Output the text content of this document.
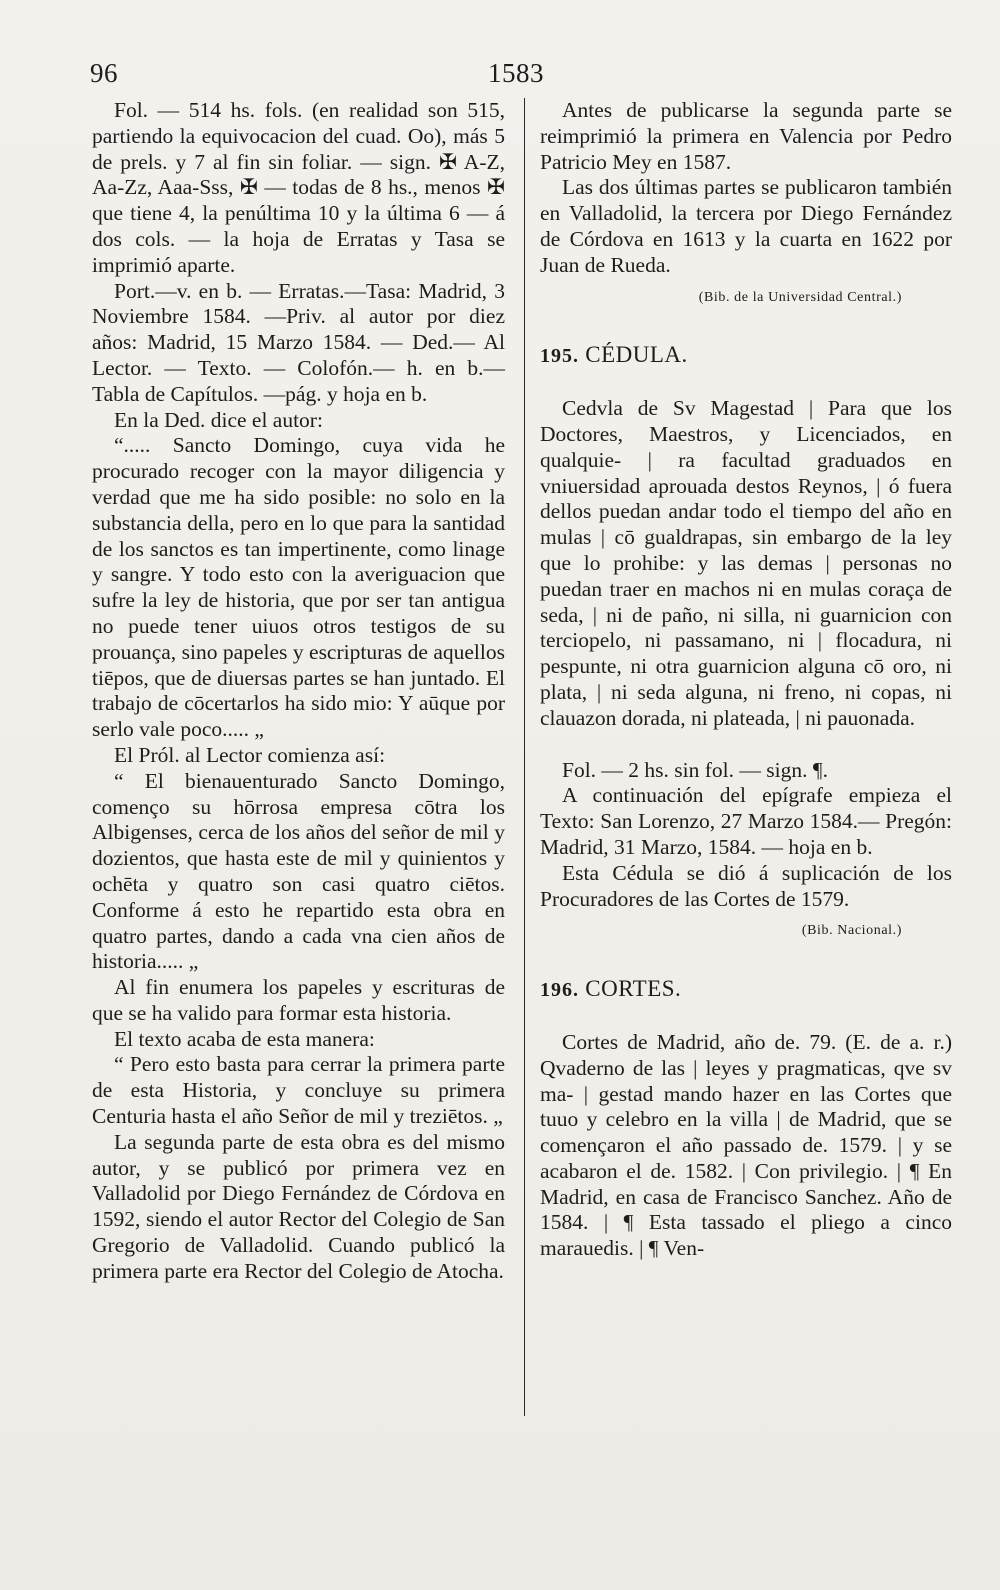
96	1583

Fol. — 514 hs. fols. (en realidad son 515, partiendo la equivocacion del cuad. Oo), más 5 de prels. y 7 al fin sin foliar. — sign. ✠ A-Z, Aa-Zz, Aaa-Sss, ✠ — todas de 8 hs., menos ✠ que tiene 4, la penúltima 10 y la última 6 — á dos cols. — la hoja de Erratas y Tasa se imprimió aparte.

Port.—v. en b. — Erratas.—Tasa: Madrid, 3 Noviembre 1584. —Priv. al autor por diez años: Madrid, 15 Marzo 1584. — Ded.— Al Lector. — Texto. — Colofón.— h. en b.— Tabla de Capítulos. —pág. y hoja en b.

En la Ded. dice el autor:

“..... Sancto Domingo, cuya vida he procurado recoger con la mayor diligencia y verdad que me ha sido posible: no solo en la substancia della, pero en lo que para la santidad de los sanctos es tan impertinente, como linage y sangre. Y todo esto con la averiguacion que sufre la ley de historia, que por ser tan antigua no puede tener uiuos otros testigos de su prouança, sino papeles y escripturas de aquellos tiēpos, que de diuersas partes se han juntado. El trabajo de cōcertarlos ha sido mio: Y aūque por serlo vale poco..... „

El Pról. al Lector comienza así:

“ El bienauenturado Sancto Domingo, començo su hōrrosa empresa cōtra los Albigenses, cerca de los años del señor de mil y dozientos, que hasta este de mil y quinientos y ochēta y quatro son casi quatro ciētos. Conforme á esto he repartido esta obra en quatro partes, dando a cada vna cien años de historia..... „

Al fin enumera los papeles y escrituras de que se ha valido para formar esta historia.

El texto acaba de esta manera:

“ Pero esto basta para cerrar la primera parte de esta Historia, y concluye su primera Centuria hasta el año Señor de mil y treziētos. „

La segunda parte de esta obra es del mismo autor, y se publicó por primera vez en Valladolid por Diego Fernández de Córdova en 1592, siendo el autor Rector del Colegio de San Gregorio de Valladolid. Cuando publicó la primera parte era Rector del Colegio de Atocha.

Antes de publicarse la segunda parte se reimprimió la primera en Valencia por Pedro Patricio Mey en 1587.

Las dos últimas partes se publicaron también en Valladolid, la tercera por Diego Fernández de Córdova en 1613 y la cuarta en 1622 por Juan de Rueda.

(Bib. de la Universidad Central.)

195. CÉDULA.

Cedvla de Sv Magestad | Para que los Doctores, Maestros, y Licenciados, en qualquie- | ra facultad graduados en vniuersidad aprouada destos Reynos, | ó fuera dellos puedan andar todo el tiempo del año en mulas | cō gualdrapas, sin embargo de la ley que lo prohibe: y las demas | personas no puedan traer en machos ni en mulas coraça de seda, | ni de paño, ni silla, ni guarnicion con terciopelo, ni passamano, ni | flocadura, ni pespunte, ni otra guarnicion alguna cō oro, ni plata, | ni seda alguna, ni freno, ni copas, ni clauazon dorada, ni plateada, | ni pauonada.

Fol. — 2 hs. sin fol. — sign. ¶.

A continuación del epígrafe empieza el Texto: San Lorenzo, 27 Marzo 1584.— Pregón: Madrid, 31 Marzo, 1584. — hoja en b.

Esta Cédula se dió á suplicación de los Procuradores de las Cortes de 1579.

(Bib. Nacional.)

196. CORTES.

Cortes de Madrid, año de. 79. (E. de a. r.) Qvaderno de las | leyes y pragmaticas, qve sv ma- | gestad mando hazer en las Cortes que tuuo y celebro en la villa | de Madrid, que se començaron el año passado de. 1579. | y se acabaron el de. 1582. | Con privilegio. | ¶ En Madrid, en casa de Francisco Sanchez. Año de 1584. | ¶ Esta tassado el pliego a cinco marauedis. | ¶ Ven-
